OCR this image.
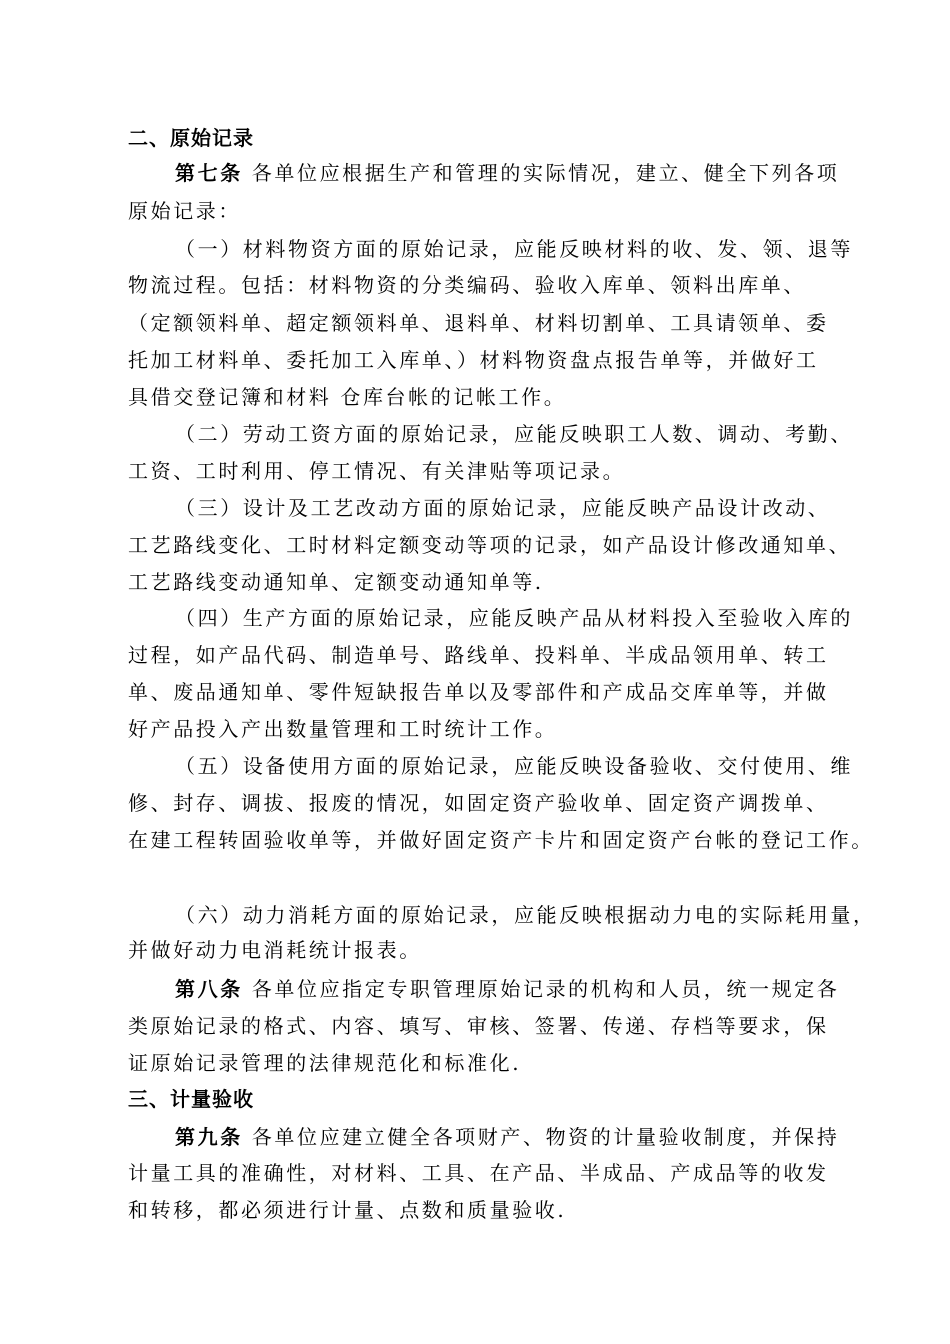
二、原始记录
第七条 各单位应根据生产和管理的实际情况，建立、健全下列各项
原始记录：
（一）材料物资方面的原始记录，应能反映材料的收、发、领、退等
物流过程。包括：材料物资的分类编码、验收入库单、领料出库单、
（定额领料单、超定额领料单、退料单、材料切割单、工具请领单、委
托加工材料单、委托加工入库单、）材料物资盘点报告单等，并做好工
具借交登记簿和材料 仓库台帐的记帐工作。
（二）劳动工资方面的原始记录，应能反映职工人数、调动、考勤、
工资、工时利用、停工情况、有关津贴等项记录。
（三）设计及工艺改动方面的原始记录，应能反映产品设计改动、
工艺路线变化、工时材料定额变动等项的记录，如产品设计修改通知单、
工艺路线变动通知单、定额变动通知单等.
（四）生产方面的原始记录，应能反映产品从材料投入至验收入库的
过程，如产品代码、制造单号、路线单、投料单、半成品领用单、转工
单、废品通知单、零件短缺报告单以及零部件和产成品交库单等，并做
好产品投入产出数量管理和工时统计工作。
（五）设备使用方面的原始记录，应能反映设备验收、交付使用、维
修、封存、调拔、报废的情况，如固定资产验收单、固定资产调拨单、
在建工程转固验收单等，并做好固定资产卡片和固定资产台帐的登记工作。
（六）动力消耗方面的原始记录，应能反映根据动力电的实际耗用量，
并做好动力电消耗统计报表。
第八条 各单位应指定专职管理原始记录的机构和人员，统一规定各
类原始记录的格式、内容、填写、审核、签署、传递、存档等要求，保
证原始记录管理的法律规范化和标准化.
三、计量验收
第九条 各单位应建立健全各项财产、物资的计量验收制度，并保持
计量工具的准确性，对材料、工具、在产品、半成品、产成品等的收发
和转移，都必须进行计量、点数和质量验收.
